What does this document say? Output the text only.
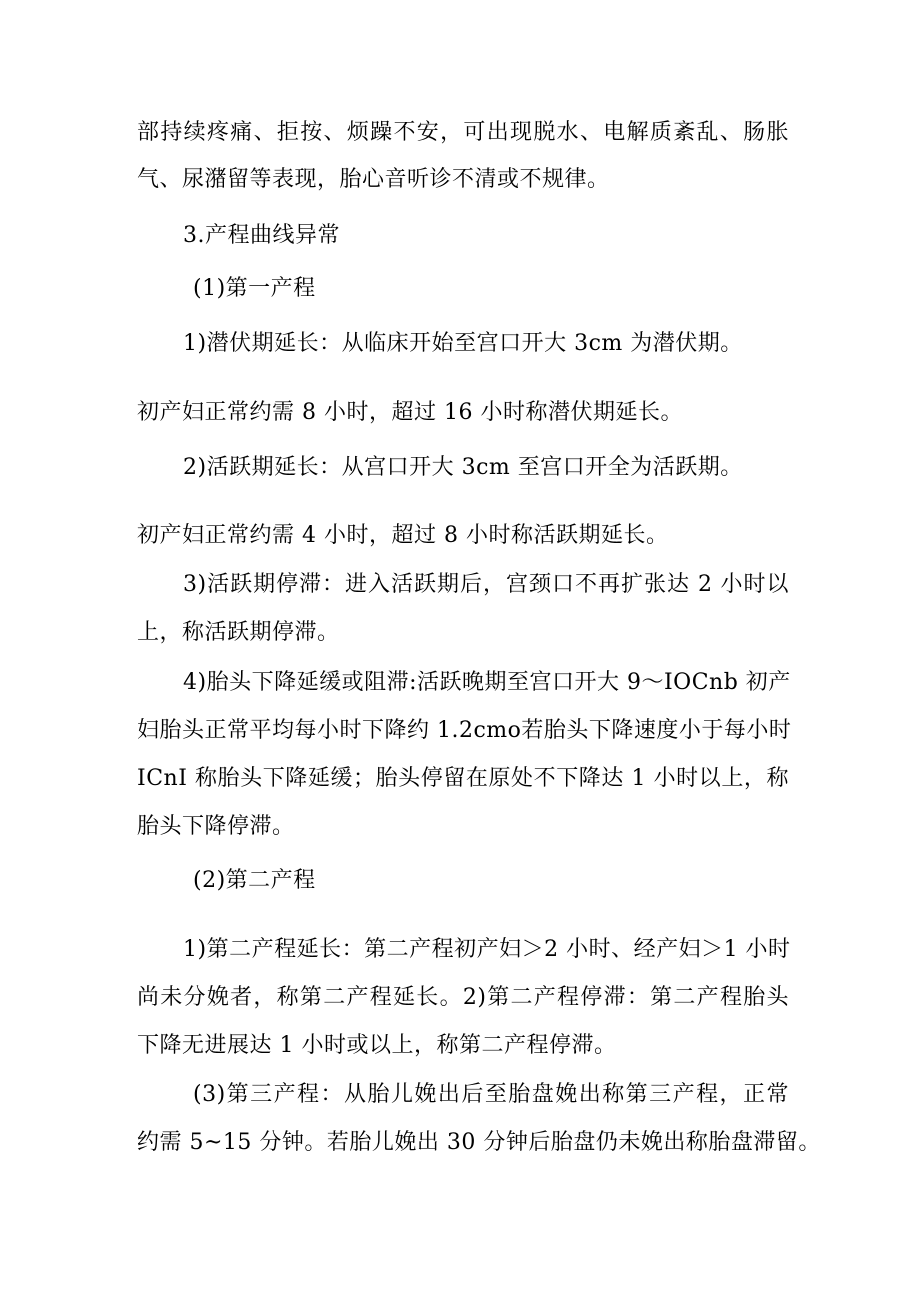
部持续疼痛、拒按、烦躁不安，可出现脱水、电解质紊乱、肠胀
气、尿潴留等表现，胎心音听诊不清或不规律。
3.产程曲线异常
(1)第一产程
1)潜伏期延长：从临床开始至宫口开大 3cm 为潜伏期。
初产妇正常约需 8 小时，超过 16 小时称潜伏期延长。
2)活跃期延长：从宫口开大 3cm 至宫口开全为活跃期。
初产妇正常约需 4 小时，超过 8 小时称活跃期延长。
3)活跃期停滞：进入活跃期后，宫颈口不再扩张达 2 小时以
上，称活跃期停滞。
4)胎头下降延缓或阻滞:活跃晚期至宫口开大 9～IOCnb 初产
妇胎头正常平均每小时下降约 1.2cmo若胎头下降速度小于每小时
ICnI 称胎头下降延缓；胎头停留在原处不下降达 1 小时以上，称
胎头下降停滞。
(2)第二产程
1)第二产程延长：第二产程初产妇＞2 小时、经产妇＞1 小时
尚未分娩者，称第二产程延长。2)第二产程停滞：第二产程胎头
下降无进展达 1 小时或以上，称第二产程停滞。
(3)第三产程：从胎儿娩出后至胎盘娩出称第三产程，正常
约需 5~15 分钟。若胎儿娩出 30 分钟后胎盘仍未娩出称胎盘滞留。
